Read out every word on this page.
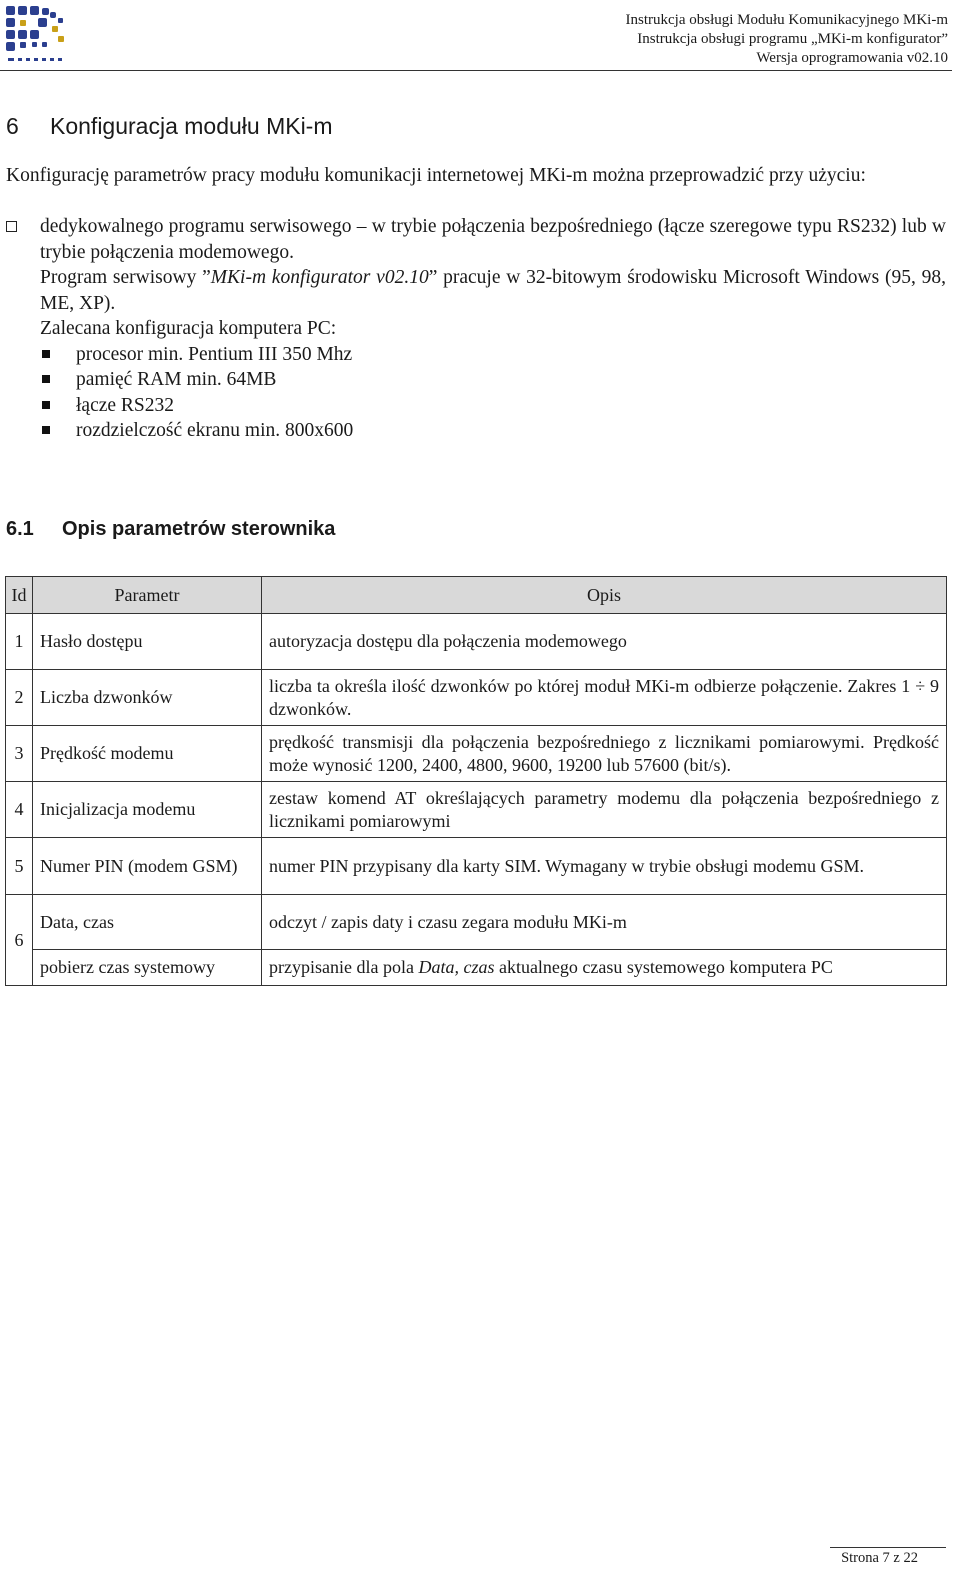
Instrukcja obsługi Modułu Komunikacyjnego MKi-m
Instrukcja obsługi programu „MKi-m konfigurator”
Wersja oprogramowania v02.10
6 Konfiguracja modułu MKi-m
Konfigurację parametrów pracy modułu komunikacji internetowej MKi-m można przeprowadzić przy użyciu:

dedykowalnego programu serwisowego – w trybie połączenia bezpośredniego (łącze szeregowe typu RS232) lub w trybie połączenia modemowego.

Program serwisowy ”MKi-m konfigurator v02.10” pracuje w 32-bitowym środowisku Microsoft Windows (95, 98, ME, XP).

Zalecana konfiguracja komputera PC:

procesor min. Pentium III 350 Mhz
pamięć RAM min. 64MB
łącze RS232
rozdzielczość ekranu min. 800x600
6.1 Opis parametrów sterownika
Id	Parametr	Opis
1	Hasło dostępu	autoryzacja dostępu dla połączenia modemowego
2	Liczba dzwonków	liczba ta określa ilość dzwonków po której moduł MKi-m odbierze połączenie. Zakres 1 ÷ 9 dzwonków.
3	Prędkość modemu	prędkość transmisji dla połączenia bezpośredniego z licznikami pomiarowymi. Prędkość może wynosić 1200, 2400, 4800, 9600, 19200 lub 57600 (bit/s).
4	Inicjalizacja modemu	zestaw komend AT określających parametry modemu dla połączenia bezpośredniego z licznikami pomiarowymi
5	Numer PIN (modem GSM)	numer PIN przypisany dla karty SIM. Wymagany w trybie obsługi modemu GSM.
6	Data, czas	odczyt / zapis daty i czasu zegara modułu MKi-m
	pobierz czas systemowy	przypisanie dla pola Data, czas aktualnego czasu systemowego komputera PC
Strona 7 z 22
